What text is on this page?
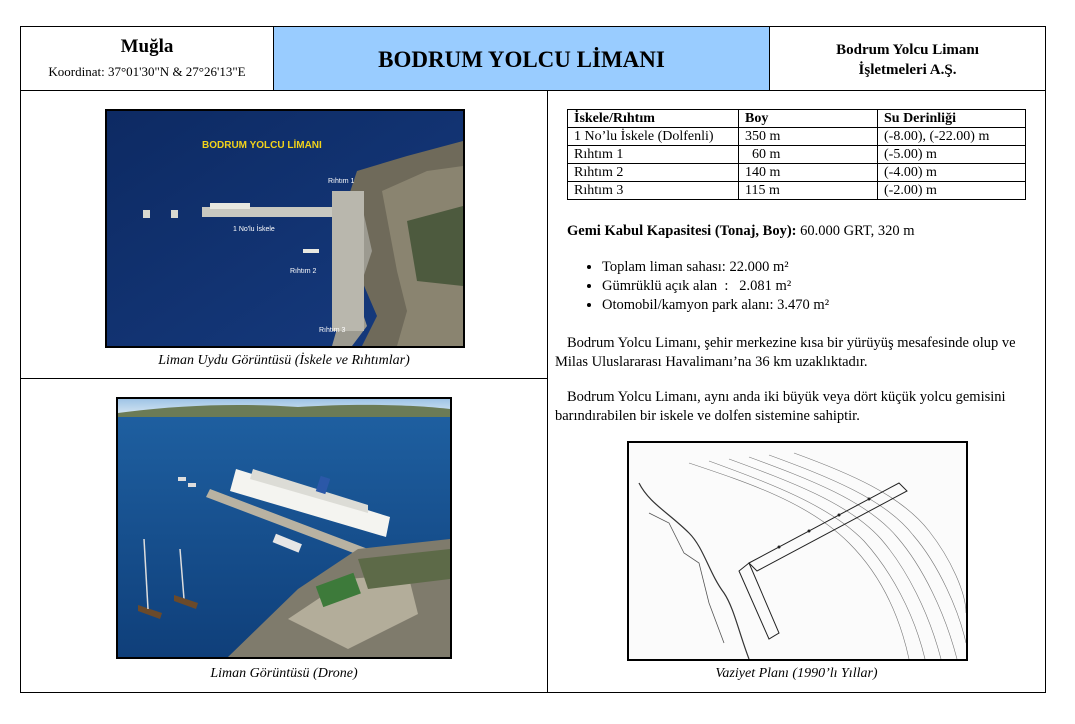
Muğla
Koordinat: 37°01'30"N & 27°26'13"E	BODRUM YOLCU LİMANI	Bodrum Yolcu Limanı
İşletmeleri A.Ş.
BODRUM YOLCU LİMANI
1 No'lu İskele
Rıhtım 1
Rıhtım 2
Rıhtım 3
Liman Uydu Görüntüsü (İskele ve Rıhtımlar)
Liman Görüntüsü (Drone)
İskele/Rıhtım	Boy	Su Derinliği
1 No’lu İskele (Dolfenli)	350 m	(-8.00), (-22.00) m
Rıhtım 1	60 m	(-5.00) m
Rıhtım 2	140 m	(-4.00) m
Rıhtım 3	115 m	(-2.00) m
Gemi Kabul Kapasitesi (Tonaj, Boy): 60.000 GRT, 320 m
• Toplam liman sahası: 22.000 m²
• Gümrüklü açık alan  :   2.081 m²
• Otomobil/kamyon park alanı: 3.470 m²
Bodrum Yolcu Limanı, şehir merkezine kısa bir yürüyüş mesafesinde olup ve Milas Uluslararası Havalimanı’na 36 km uzaklıktadır.
Bodrum Yolcu Limanı, aynı anda iki büyük veya dört küçük yolcu gemisini barındırabilen bir iskele ve dolfen sistemine sahiptir.
Vaziyet Planı (1990’lı Yıllar)
